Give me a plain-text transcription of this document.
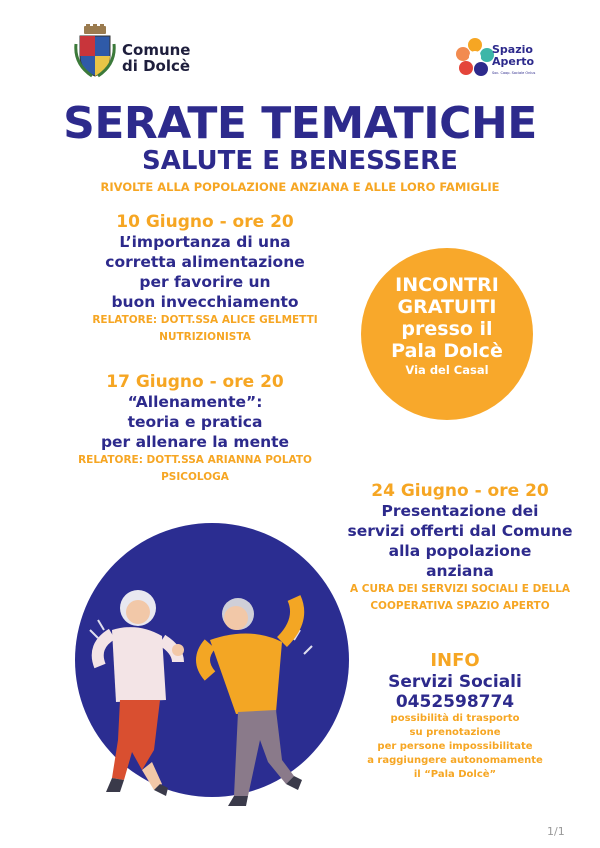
Comune
di Dolcè
Spazio
Aperto
Soc. Coop. Sociale Onlus
SERATE TEMATICHE
SALUTE E BENESSERE
RIVOLTE ALLA POPOLAZIONE ANZIANA E ALLE LORO FAMIGLIE
10 Giugno - ore 20
L’importanza di una
corretta alimentazione
per favorire un
buon invecchiamento
RELATORE: DOTT.SSA ALICE GELMETTI
NUTRIZIONISTA
17 Giugno - ore 20
“Allenamente”:
teoria e pratica
per allenare la mente
RELATORE: DOTT.SSA ARIANNA POLATO
PSICOLOGA
INCONTRI
GRATUITI
presso il
Pala Dolcè
Via del Casal
24 Giugno - ore 20
Presentazione dei
servizi offerti dal Comune
alla popolazione
anziana
A CURA DEI SERVIZI SOCIALI E DELLA
COOPERATIVA SPAZIO APERTO
INFO
Servizi Sociali
0452598774
possibilità di trasporto
su prenotazione
per persone impossibilitate
a raggiungere autonomamente
il “Pala Dolcè”
1/1
